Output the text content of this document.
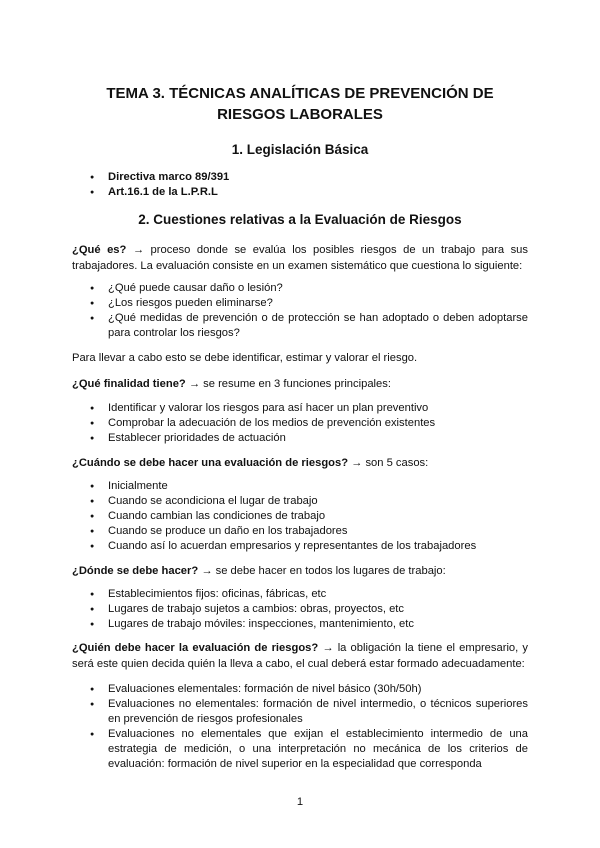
TEMA 3. TÉCNICAS ANALÍTICAS DE PREVENCIÓN DE
RIESGOS LABORALES
1. Legislación Básica
● Directiva marco 89/391
● Art.16.1 de la L.P.R.L
2. Cuestiones relativas a la Evaluación de Riesgos
¿Qué es? → proceso donde se evalúa los posibles riesgos de un trabajo para sus trabajadores. La evaluación consiste en un examen sistemático que cuestiona lo siguiente:
● ¿Qué puede causar daño o lesión?
● ¿Los riesgos pueden eliminarse?
● ¿Qué medidas de prevención o de protección se han adoptado o deben adoptarse para controlar los riesgos?
Para llevar a cabo esto se debe identificar, estimar y valorar el riesgo.
¿Qué finalidad tiene? → se resume en 3 funciones principales:
● Identificar y valorar los riesgos para así hacer un plan preventivo
● Comprobar la adecuación de los medios de prevención existentes
● Establecer prioridades de actuación
¿Cuándo se debe hacer una evaluación de riesgos? → son 5 casos:
● Inicialmente
● Cuando se acondiciona el lugar de trabajo
● Cuando cambian las condiciones de trabajo
● Cuando se produce un daño en los trabajadores
● Cuando así lo acuerdan empresarios y representantes de los trabajadores
¿Dónde se debe hacer? → se debe hacer en todos los lugares de trabajo:
● Establecimientos fijos: oficinas, fábricas, etc
● Lugares de trabajo sujetos a cambios: obras, proyectos, etc
● Lugares de trabajo móviles: inspecciones, mantenimiento, etc
¿Quién debe hacer la evaluación de riesgos? → la obligación la tiene el empresario, y será este quien decida quién la lleva a cabo, el cual deberá estar formado adecuadamente:
● Evaluaciones elementales: formación de nivel básico (30h/50h)
● Evaluaciones no elementales: formación de nivel intermedio, o técnicos superiores en prevención de riesgos profesionales
● Evaluaciones no elementales que exijan el establecimiento intermedio de una estrategia de medición, o una interpretación no mecánica de los criterios de evaluación: formación de nivel superior en la especialidad que corresponda
1
